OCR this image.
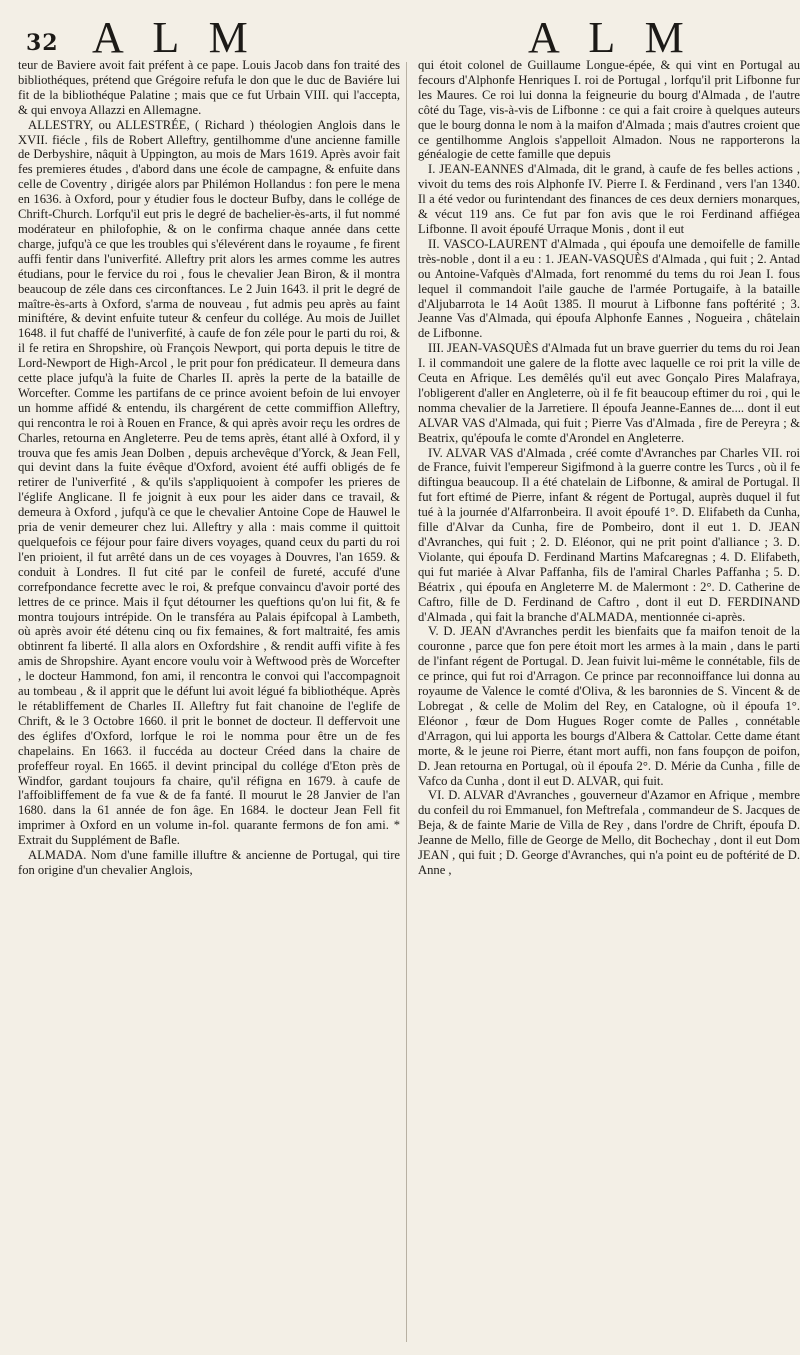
32 A L M	A L M

teur de Baviere avoit fait préfent à ce pape. Louis Jacob dans fon traité des bibliothéques, prétend que Grégoire refufa le don que le duc de Baviére lui fit de la bibliothéque Palatine ; mais que ce fut Urbain VIII. qui l'accepta, & qui envoya Allazzi en Allemagne.

ALLESTRY, ou ALLESTRÉE, ( Richard ) théologien Anglois dans le XVII. fiécle , fils de Robert Alleftry, gentilhomme d'une ancienne famille de Derbyshire, nâquit à Uppington, au mois de Mars 1619. Après avoir fait fes premieres études , d'abord dans une école de campagne, & enfuite dans celle de Coventry , dirigée alors par Philémon Hollandus : fon pere le mena en 1636. à Oxford, pour y étudier fous le docteur Bufby, dans le collége de Chrift-Church. Lorfqu'il eut pris le degré de bachelier-ès-arts, il fut nommé modérateur en philofophie, & on le confirma chaque année dans cette charge, jufqu'à ce que les troubles qui s'élevérent dans le royaume , fe firent auffi fentir dans l'univerfité. Alleftry prit alors les armes comme les autres étudians, pour le fervice du roi , fous le chevalier Jean Biron, & il montra beaucoup de zéle dans ces circonftances. Le 2 Juin 1643. il prit le degré de maître-ès-arts à Oxford, s'arma de nouveau , fut admis peu après au faint miniftére, & devint enfuite tuteur & cenfeur du collége. Au mois de Juillet 1648. il fut chaffé de l'univerfité, à caufe de fon zéle pour le parti du roi, & il fe retira en Shropshire, où François Newport, qui porta depuis le titre de Lord-Newport de High-Arcol , le prit pour fon prédicateur. Il demeura dans cette place jufqu'à la fuite de Charles II. après la perte de la bataille de Worcefter. Comme les partifans de ce prince avoient befoin de lui envoyer un homme affidé & entendu, ils chargérent de cette commiffion Alleftry, qui rencontra le roi à Rouen en France, & qui après avoir reçu les ordres de Charles, retourna en Angleterre. Peu de tems après, étant allé à Oxford, il y trouva que fes amis Jean Dolben , depuis archevêque d'Yorck, & Jean Fell, qui devint dans la fuite évêque d'Oxford, avoient été auffi obligés de fe retirer de l'univerfité , & qu'ils s'appliquoient à compofer les prieres de l'églife Anglicane. Il fe joignit à eux pour les aider dans ce travail, & demeura à Oxford , jufqu'à ce que le chevalier Antoine Cope de Hauwel le pria de venir demeurer chez lui. Alleftry y alla : mais comme il quittoit quelquefois ce féjour pour faire divers voyages, quand ceux du parti du roi l'en prioient, il fut arrêté dans un de ces voyages à Douvres, l'an 1659. & conduit à Londres. Il fut cité par le confeil de fureté, accufé d'une correfpondance fecrette avec le roi, & prefque convaincu d'avoir porté des lettres de ce prince. Mais il fçut détourner les queftions qu'on lui fit, & fe montra toujours intrépide. On le transféra au Palais épifcopal à Lambeth, où après avoir été détenu cinq ou fix femaines, & fort maltraité, fes amis obtinrent fa liberté. Il alla alors en Oxfordshire , & rendit auffi vifite à fes amis de Shropshire. Ayant encore voulu voir à Weftwood près de Worcefter , le docteur Hammond, fon ami, il rencontra le convoi qui l'accompagnoit au tombeau , & il apprit que le défunt lui avoit légué fa bibliothéque. Après le rétabliffement de Charles II. Alleftry fut fait chanoine de l'eglife de Chrift, & le 3 Octobre 1660. il prit le bonnet de docteur. Il deffervoit une des églifes d'Oxford, lorfque le roi le nomma pour être un de fes chapelains. En 1663. il fuccéda au docteur Créed dans la chaire de profeffeur royal. En 1665. il devint principal du collége d'Eton près de Windfor, gardant toujours fa chaire, qu'il réfigna en 1679. à caufe de l'affoibliffement de fa vue & de fa fanté. Il mourut le 28 Janvier de l'an 1680. dans la 61 année de fon âge. En 1684. le docteur Jean Fell fit imprimer à Oxford en un volume in-fol. quarante fermons de fon ami. * Extrait du Supplément de Bafle.

ALMADA. Nom d'une famille illuftre & ancienne de Portugal, qui tire fon origine d'un chevalier Anglois,

qui étoit colonel de Guillaume Longue-épée, & qui vint en Portugal au fecours d'Alphonfe Henriques I. roi de Portugal , lorfqu'il prit Lifbonne fur les Maures. Ce roi lui donna la feigneurie du bourg d'Almada , de l'autre côté du Tage, vis-à-vis de Lifbonne : ce qui a fait croire à quelques auteurs que le bourg donna le nom à la maifon d'Almada ; mais d'autres croient que ce gentilhomme Anglois s'appelloit Almadon. Nous ne rapporterons la généalogie de cette famille que depuis

I. JEAN-EANNES d'Almada, dit le grand, à caufe de fes belles actions , vivoit du tems des rois Alphonfe IV. Pierre I. & Ferdinand , vers l'an 1340. Il a été vedor ou furintendant des finances de ces deux derniers monarques, & vécut 119 ans. Ce fut par fon avis que le roi Ferdinand affiégea Lifbonne. Il avoit époufé Urraque Monis , dont il eut

II. VASCO-LAURENT d'Almada , qui époufa une demoifelle de famille très-noble , dont il a eu : 1. JEAN-VASQUÈS d'Almada , qui fuit ; 2. Antad ou Antoine-Vafquès d'Almada, fort renommé du tems du roi Jean I. fous lequel il commandoit l'aile gauche de l'armée Portugaife, à la bataille d'Aljubarrota le 14 Août 1385. Il mourut à Lifbonne fans poftérité ; 3. Jeanne Vas d'Almada, qui époufa Alphonfe Eannes , Nogueira , châtelain de Lifbonne.

III. JEAN-VASQUÈS d'Almada fut un brave guerrier du tems du roi Jean I. il commandoit une galere de la flotte avec laquelle ce roi prit la ville de Ceuta en Afrique. Les demêlés qu'il eut avec Gonçalo Pires Malafraya, l'obligerent d'aller en Angleterre, où il fe fit beaucoup eftimer du roi , qui le nomma chevalier de la Jarretiere. Il époufa Jeanne-Eannes de.... dont il eut ALVAR VAS d'Almada, qui fuit ; Pierre Vas d'Almada , fire de Pereyra ; & Beatrix, qu'époufa le comte d'Arondel en Angleterre.

IV. ALVAR VAS d'Almada , créé comte d'Avranches par Charles VII. roi de France, fuivit l'empereur Sigifmond à la guerre contre les Turcs , où il fe diftingua beaucoup. Il a été chatelain de Lifbonne, & amiral de Portugal. Il fut fort eftimé de Pierre, infant & régent de Portugal, auprès duquel il fut tué à la journée d'Alfarronbeira. Il avoit époufé 1°. D. Elifabeth da Cunha, fille d'Alvar da Cunha, fire de Pombeiro, dont il eut 1. D. JEAN d'Avranches, qui fuit ; 2. D. Eléonor, qui ne prit point d'alliance ; 3. D. Violante, qui époufa D. Ferdinand Martins Mafcaregnas ; 4. D. Elifabeth, qui fut mariée à Alvar Paffanha, fils de l'amiral Charles Paffanha ; 5. D. Béatrix , qui époufa en Angleterre M. de Malermont : 2°. D. Catherine de Caftro, fille de D. Ferdinand de Caftro , dont il eut D. FERDINAND d'Almada , qui fait la branche d'ALMADA, mentionnée ci-après.

V. D. JEAN d'Avranches perdit les bienfaits que fa maifon tenoit de la couronne , parce que fon pere étoit mort les armes à la main , dans le parti de l'infant régent de Portugal. D. Jean fuivit lui-même le connétable, fils de ce prince, qui fut roi d'Arragon. Ce prince par reconnoiffance lui donna au royaume de Valence le comté d'Oliva, & les baronnies de S. Vincent & de Lobregat , & celle de Molim del Rey, en Catalogne, où il époufa 1°. Eléonor , fœur de Dom Hugues Roger comte de Palles , connétable d'Arragon, qui lui apporta les bourgs d'Albera & Cattolar. Cette dame étant morte, & le jeune roi Pierre, étant mort auffi, non fans foupçon de poifon, D. Jean retourna en Portugal, où il époufa 2°. D. Mérie da Cunha , fille de Vafco da Cunha , dont il eut D. ALVAR, qui fuit.

VI. D. ALVAR d'Avranches , gouverneur d'Azamor en Afrique , membre du confeil du roi Emmanuel, fon Meftrefala , commandeur de S. Jacques de Beja, & de fainte Marie de Villa de Rey , dans l'ordre de Chrift, époufa D. Jeanne de Mello, fille de George de Mello, dit Bochechay , dont il eut Dom JEAN , qui fuit ; D. George d'Avranches, qui n'a point eu de poftérité de D. Anne ,
